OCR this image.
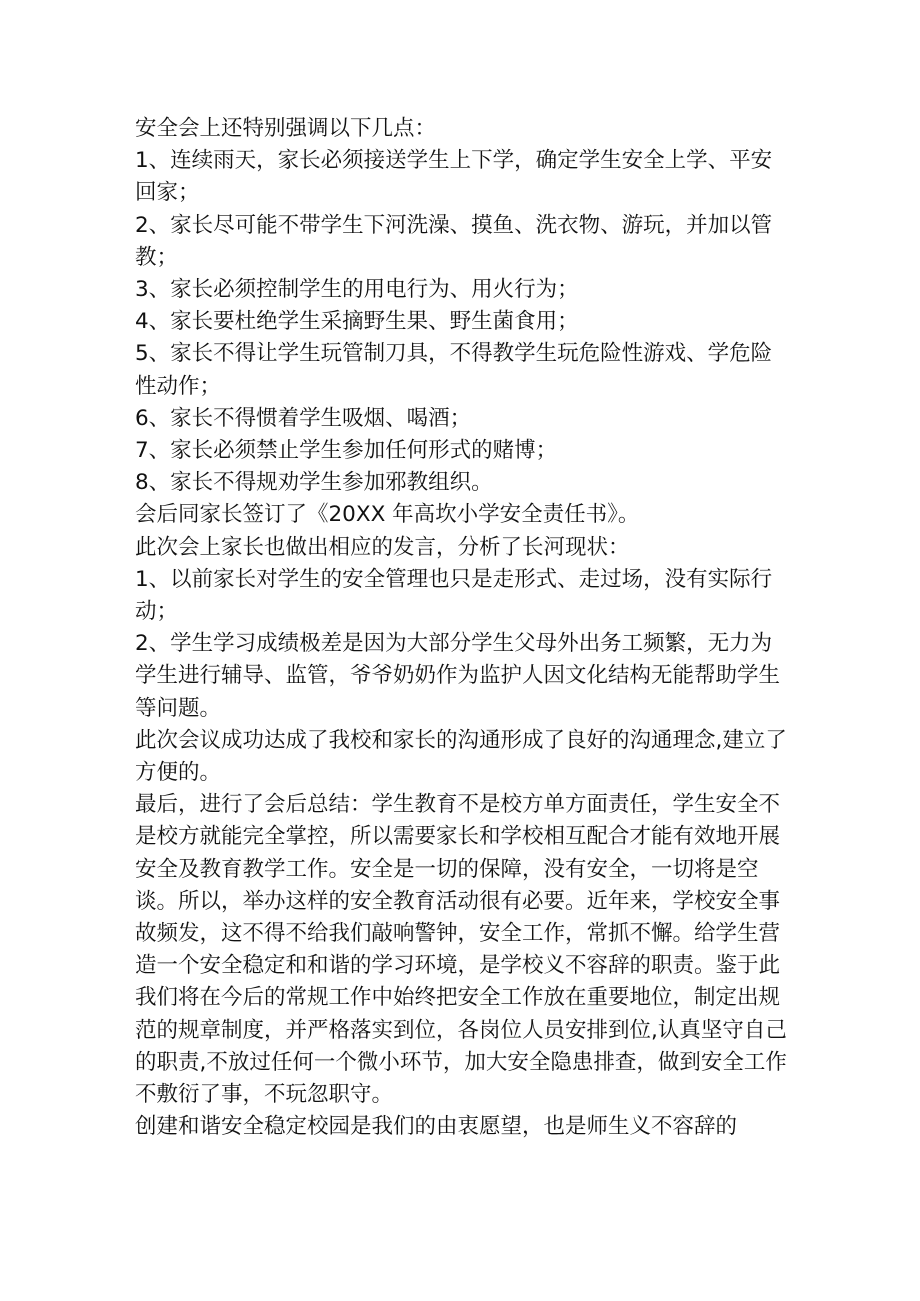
安全会上还特别强调以下几点：

1、连续雨天，家长必须接送学生上下学，确定学生安全上学、平安回家；

2、家长尽可能不带学生下河洗澡、摸鱼、洗衣物、游玩，并加以管教；

3、家长必须控制学生的用电行为、用火行为；

4、家长要杜绝学生采摘野生果、野生菌食用；

5、家长不得让学生玩管制刀具，不得教学生玩危险性游戏、学危险性动作；

6、家长不得惯着学生吸烟、喝酒；

7、家长必须禁止学生参加任何形式的赌博；

8、家长不得规劝学生参加邪教组织。

会后同家长签订了《20XX 年高坎小学安全责任书》。

此次会上家长也做出相应的发言，分析了长河现状：

1、以前家长对学生的安全管理也只是走形式、走过场，没有实际行动；

2、学生学习成绩极差是因为大部分学生父母外出务工频繁，无力为学生进行辅导、监管，爷爷奶奶作为监护人因文化结构无能帮助学生等问题。

此次会议成功达成了我校和家长的沟通形成了良好的沟通理念,建立了方便的。

最后，进行了会后总结：学生教育不是校方单方面责任，学生安全不是校方就能完全掌控，所以需要家长和学校相互配合才能有效地开展安全及教育教学工作。安全是一切的保障，没有安全，一切将是空谈。所以，举办这样的安全教育活动很有必要。近年来，学校安全事故频发，这不得不给我们敲响警钟，安全工作，常抓不懈。给学生营造一个安全稳定和和谐的学习环境，是学校义不容辞的职责。鉴于此我们将在今后的常规工作中始终把安全工作放在重要地位，制定出规范的规章制度，并严格落实到位，各岗位人员安排到位,认真坚守自己的职责,不放过任何一个微小环节，加大安全隐患排查，做到安全工作不敷衍了事，不玩忽职守。

创建和谐安全稳定校园是我们的由衷愿望，也是师生义不容辞的
